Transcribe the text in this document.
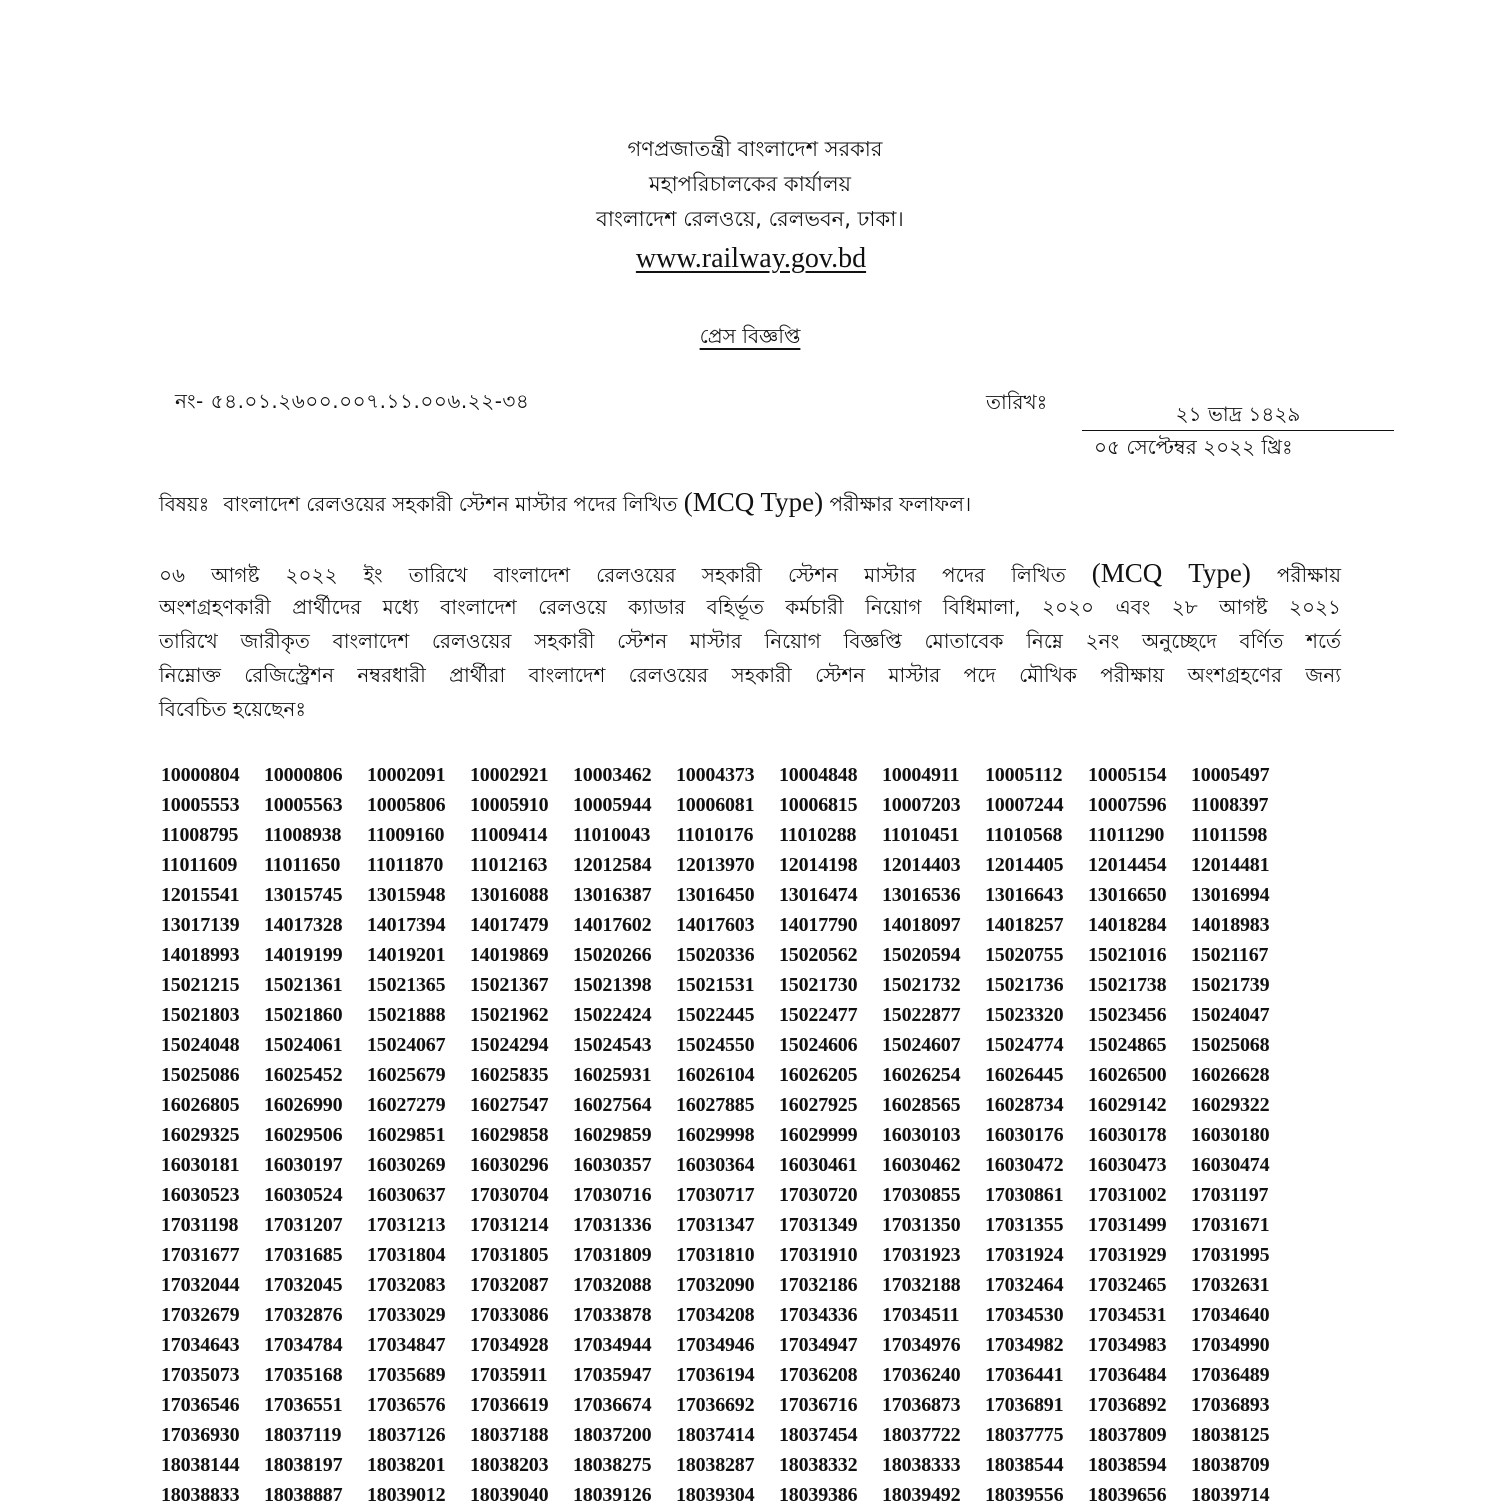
গণপ্রজাতন্ত্রী বাংলাদেশ সরকার
মহাপরিচালকের কার্যালয়
বাংলাদেশ রেলওয়ে, রেলভবন, ঢাকা।
www.railway.gov.bd
প্রেস বিজ্ঞপ্তি
নং- ৫৪.০১.২৬০০.০০৭.১১.০০৬.২২-৩৪	তারিখঃ	২১ ভাদ্র ১৪২৯
০৫ সেপ্টেম্বর ২০২২ খ্রিঃ
বিষয়ঃ বাংলাদেশ রেলওয়ের সহকারী স্টেশন মাস্টার পদের লিখিত (MCQ Type) পরীক্ষার ফলাফল।
০৬ আগষ্ট ২০২২ ইং তারিখে বাংলাদেশ রেলওয়ের সহকারী স্টেশন মাস্টার পদের লিখিত (MCQ Type) পরীক্ষায়
অংশগ্রহণকারী প্রার্থীদের মধ্যে বাংলাদেশ রেলওয়ে ক্যাডার বহির্ভূত কর্মচারী নিয়োগ বিধিমালা, ২০২০ এবং ২৮ আগষ্ট ২০২১
তারিখে জারীকৃত বাংলাদেশ রেলওয়ের সহকারী স্টেশন মাস্টার নিয়োগ বিজ্ঞপ্তি মোতাবেক নিম্নে ২নং অনুচ্ছেদে বর্ণিত শর্তে
নিম্নোক্ত রেজিস্ট্রেশন নম্বরধারী প্রার্থীরা বাংলাদেশ রেলওয়ের সহকারী স্টেশন মাস্টার পদে মৌখিক পরীক্ষায় অংশগ্রহণের জন্য
বিবেচিত হয়েছেনঃ
10000804	10000806	10002091	10002921	10003462	10004373	10004848	10004911	10005112	10005154	10005497
10005553	10005563	10005806	10005910	10005944	10006081	10006815	10007203	10007244	10007596	11008397
11008795	11008938	11009160	11009414	11010043	11010176	11010288	11010451	11010568	11011290	11011598
11011609	11011650	11011870	11012163	12012584	12013970	12014198	12014403	12014405	12014454	12014481
12015541	13015745	13015948	13016088	13016387	13016450	13016474	13016536	13016643	13016650	13016994
13017139	14017328	14017394	14017479	14017602	14017603	14017790	14018097	14018257	14018284	14018983
14018993	14019199	14019201	14019869	15020266	15020336	15020562	15020594	15020755	15021016	15021167
15021215	15021361	15021365	15021367	15021398	15021531	15021730	15021732	15021736	15021738	15021739
15021803	15021860	15021888	15021962	15022424	15022445	15022477	15022877	15023320	15023456	15024047
15024048	15024061	15024067	15024294	15024543	15024550	15024606	15024607	15024774	15024865	15025068
15025086	16025452	16025679	16025835	16025931	16026104	16026205	16026254	16026445	16026500	16026628
16026805	16026990	16027279	16027547	16027564	16027885	16027925	16028565	16028734	16029142	16029322
16029325	16029506	16029851	16029858	16029859	16029998	16029999	16030103	16030176	16030178	16030180
16030181	16030197	16030269	16030296	16030357	16030364	16030461	16030462	16030472	16030473	16030474
16030523	16030524	16030637	17030704	17030716	17030717	17030720	17030855	17030861	17031002	17031197
17031198	17031207	17031213	17031214	17031336	17031347	17031349	17031350	17031355	17031499	17031671
17031677	17031685	17031804	17031805	17031809	17031810	17031910	17031923	17031924	17031929	17031995
17032044	17032045	17032083	17032087	17032088	17032090	17032186	17032188	17032464	17032465	17032631
17032679	17032876	17033029	17033086	17033878	17034208	17034336	17034511	17034530	17034531	17034640
17034643	17034784	17034847	17034928	17034944	17034946	17034947	17034976	17034982	17034983	17034990
17035073	17035168	17035689	17035911	17035947	17036194	17036208	17036240	17036441	17036484	17036489
17036546	17036551	17036576	17036619	17036674	17036692	17036716	17036873	17036891	17036892	17036893
17036930	18037119	18037126	18037188	18037200	18037414	18037454	18037722	18037775	18037809	18038125
18038144	18038197	18038201	18038203	18038275	18038287	18038332	18038333	18038544	18038594	18038709
18038833	18038887	18039012	18039040	18039126	18039304	18039386	18039492	18039556	18039656	18039714
